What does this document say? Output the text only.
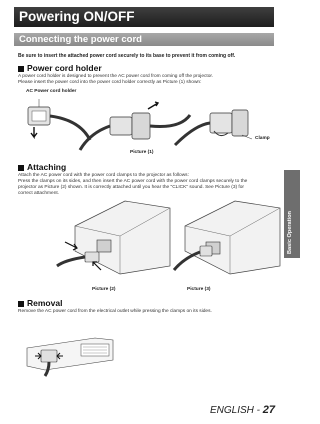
Powering ON/OFF
Connecting the power cord
Be sure to insert the attached power cord securely to its base to prevent it from coming off.
Basic Operation
Power cord holder
A power cord holder is designed to prevent the AC power cord from coming off the projector.
Please insert the power cord into the power cord holder correctly as Picture (1) shown:
AC Power cord holder
Clamp
Picture (1)
Attaching
Attach the AC power cord with the power cord clamps to the projector as follows:
Press the clamps on its sides, and then insert the AC power cord with the power cord clamps securely to the
projector as Picture (2) shown. It is correctly attached until you hear the "CLICK" sound. See Picture (3) for
correct attachment.
Picture (2)	Picture (3)
Removal
Remove the AC power cord from the electrical outlet while pressing the clamps on its sides.
ENGLISH - 27
